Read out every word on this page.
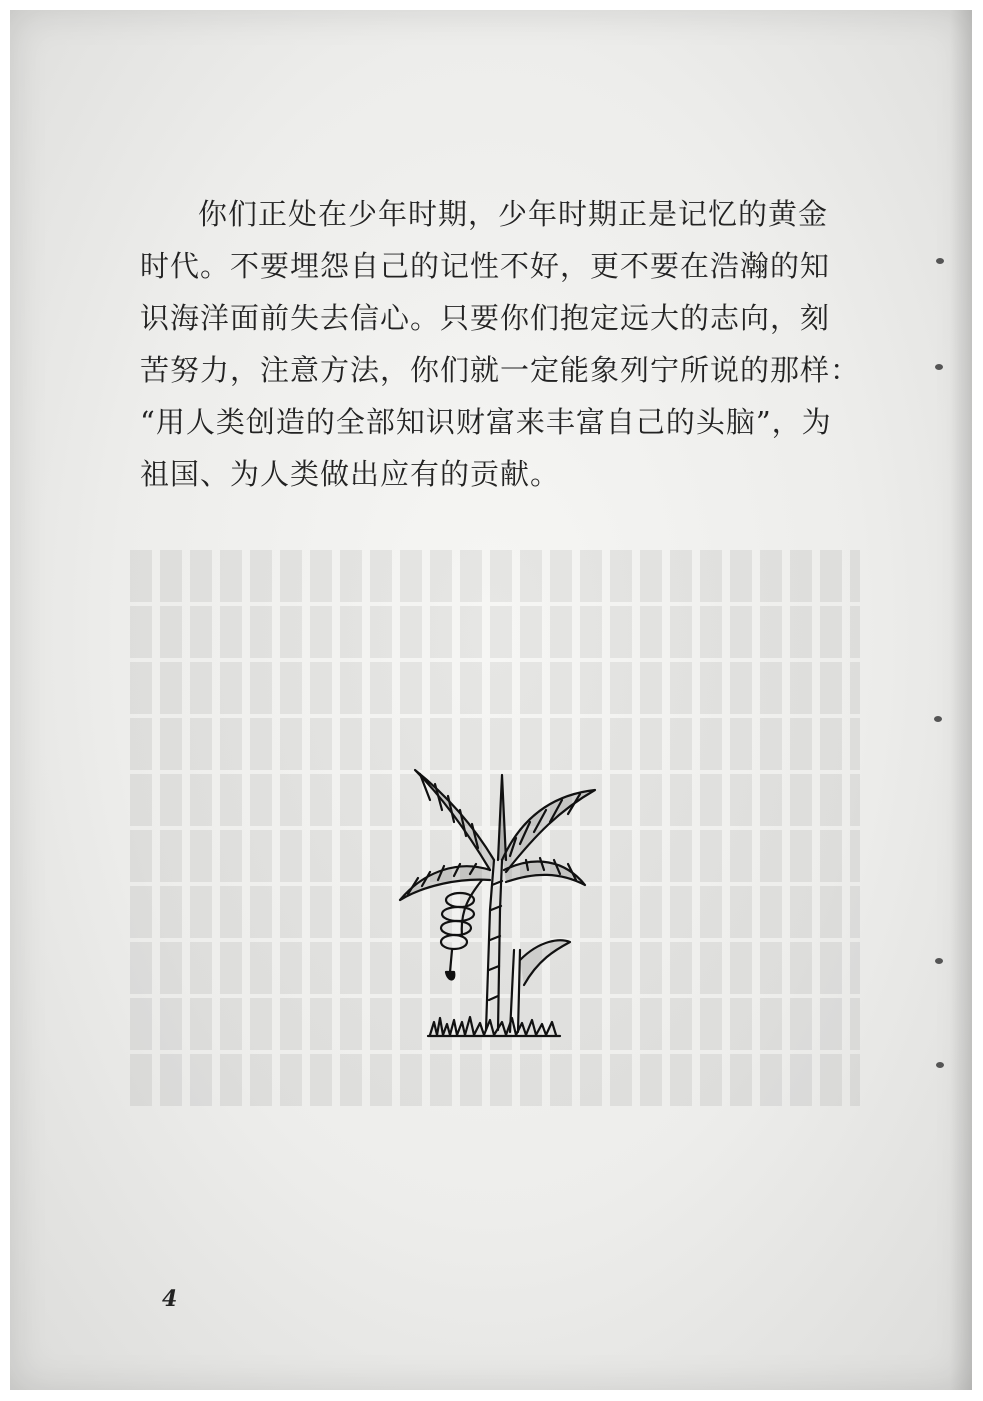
你们正处在少年时期，少年时期正是记忆的黄金
时代。不要埋怨自己的记性不好，更不要在浩瀚的知
识海洋面前失去信心。只要你们抱定远大的志向，刻
苦努力，注意方法，你们就一定能象列宁所说的那样：
“用人类创造的全部知识财富来丰富自己的头脑”，为
祖国、为人类做出应有的贡献。
4
